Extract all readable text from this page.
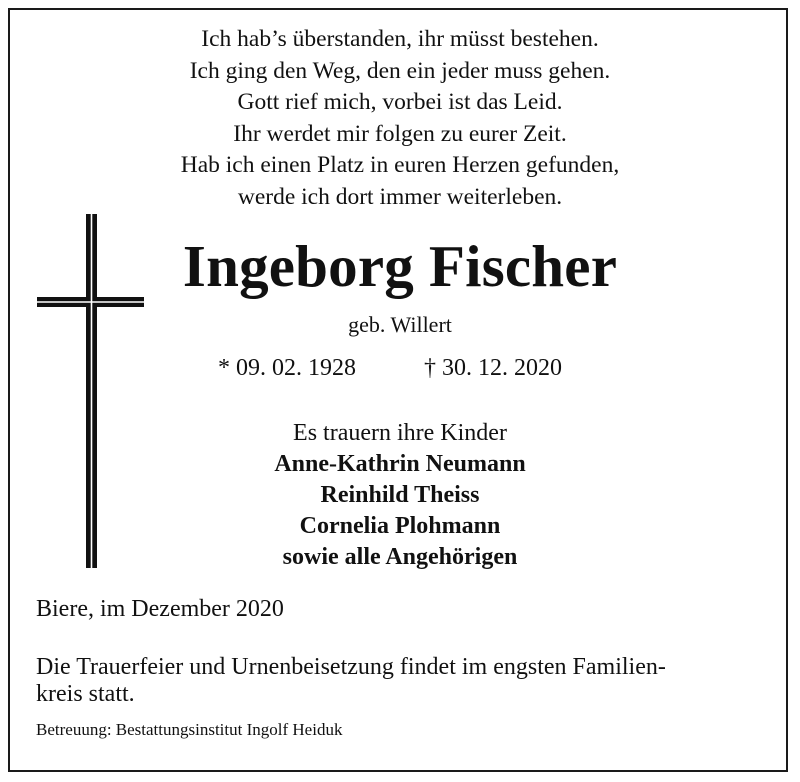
Ich hab’s überstanden, ihr müsst bestehen.
Ich ging den Weg, den ein jeder muss gehen.
Gott rief mich, vorbei ist das Leid.
Ihr werdet mir folgen zu eurer Zeit.
Hab ich einen Platz in euren Herzen gefunden,
werde ich dort immer weiterleben.
Ingeborg Fischer
geb. Willert
* 09. 02. 1928	† 30. 12. 2020
Es trauern ihre Kinder
Anne-Kathrin Neumann
Reinhild Theiss
Cornelia Plohmann
sowie alle Angehörigen
Biere, im Dezember 2020
Die Trauerfeier und Urnenbeisetzung findet im engsten Familien-
kreis statt.
Betreuung: Bestattungsinstitut Ingolf Heiduk
